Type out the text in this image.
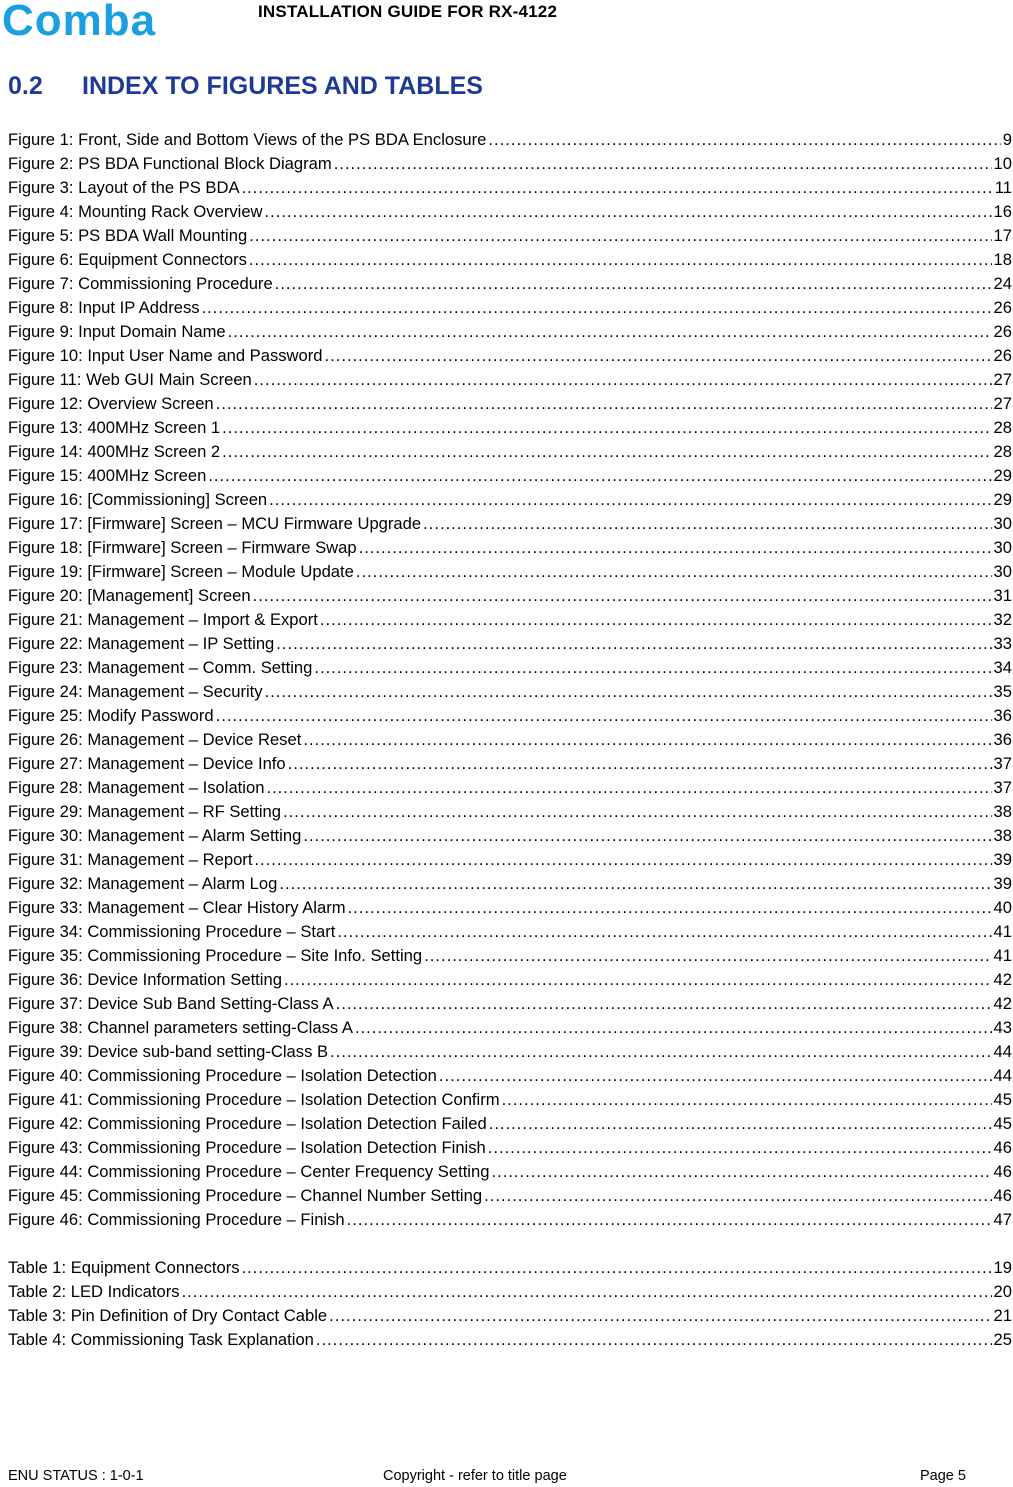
Comba	INSTALLATION GUIDE FOR RX-4122
0.2 INDEX TO FIGURES AND TABLES
Figure 1: Front, Side and Bottom Views of the PS BDA Enclosure .....	9
Figure 2: PS BDA Functional Block Diagram .....	10
Figure 3: Layout of the PS BDA .....	11
Figure 4: Mounting Rack Overview .....	16
Figure 5: PS BDA Wall Mounting .....	17
Figure 6: Equipment Connectors .....	18
Figure 7: Commissioning Procedure .....	24
Figure 8: Input IP Address .....	26
Figure 9: Input Domain Name .....	26
Figure 10: Input User Name and Password .....	26
Figure 11: Web GUI Main Screen .....	27
Figure 12: Overview Screen .....	27
Figure 13: 400MHz Screen 1 .....	28
Figure 14: 400MHz Screen 2 .....	28
Figure 15: 400MHz Screen .....	29
Figure 16: [Commissioning] Screen .....	29
Figure 17: [Firmware] Screen – MCU Firmware Upgrade .....	30
Figure 18: [Firmware] Screen – Firmware Swap .....	30
Figure 19: [Firmware] Screen – Module Update .....	30
Figure 20: [Management] Screen .....	31
Figure 21: Management – Import & Export .....	32
Figure 22: Management – IP Setting .....	33
Figure 23: Management – Comm. Setting .....	34
Figure 24: Management – Security .....	35
Figure 25: Modify Password .....	36
Figure 26: Management – Device Reset .....	36
Figure 27: Management – Device Info .....	37
Figure 28: Management – Isolation .....	37
Figure 29: Management – RF Setting .....	38
Figure 30: Management – Alarm Setting .....	38
Figure 31: Management – Report .....	39
Figure 32: Management – Alarm Log .....	39
Figure 33: Management – Clear History Alarm .....	40
Figure 34: Commissioning Procedure – Start .....	41
Figure 35: Commissioning Procedure – Site Info. Setting .....	41
Figure 36: Device Information Setting .....	42
Figure 37: Device Sub Band Setting-Class A .....	42
Figure 38: Channel parameters setting-Class A .....	43
Figure 39: Device sub-band setting-Class B .....	44
Figure 40: Commissioning Procedure – Isolation Detection .....	44
Figure 41: Commissioning Procedure – Isolation Detection Confirm .....	45
Figure 42: Commissioning Procedure – Isolation Detection Failed .....	45
Figure 43: Commissioning Procedure – Isolation Detection Finish .....	46
Figure 44: Commissioning Procedure – Center Frequency Setting .....	46
Figure 45: Commissioning Procedure – Channel Number Setting .....	46
Figure 46: Commissioning Procedure – Finish .....	47
Table 1: Equipment Connectors .....	19
Table 2: LED Indicators .....	20
Table 3: Pin Definition of Dry Contact Cable .....	21
Table 4: Commissioning Task Explanation .....	25
ENU STATUS : 1-0-1	Copyright - refer to title page	Page 5
